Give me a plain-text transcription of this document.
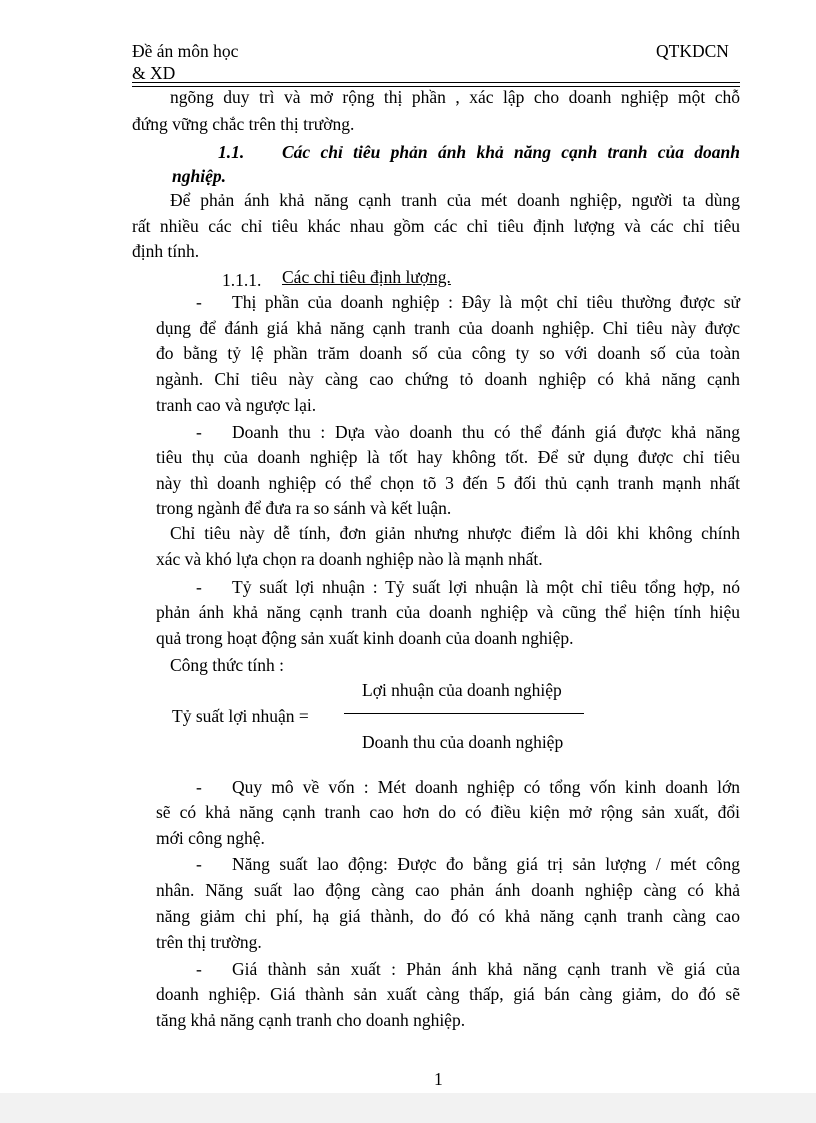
Đề án môn học
& XD
QTKDCN
ngõng duy trì và mở rộng thị phần , xác lập cho doanh nghiệp một chỗ
đứng vững chắc trên thị trường.
1.1. Các chỉ tiêu phản ánh khả năng cạnh tranh của doanh
nghiệp.
Để phản ánh khả năng cạnh tranh của mét doanh nghiệp, người ta dùng
rất nhiều các chỉ tiêu khác nhau gồm các chỉ tiêu định lượng và các chỉ tiêu
định tính.
1.1.1. Các chỉ tiêu định lượng.
- Thị phần của doanh nghiệp : Đây là một chỉ tiêu thường được sử
dụng để đánh giá khả năng cạnh tranh của doanh nghiệp. Chỉ tiêu này được
đo bằng tỷ lệ phần trăm doanh số của công ty so với doanh số của toàn
ngành. Chỉ tiêu này càng cao chứng tỏ doanh nghiệp có khả năng cạnh
tranh cao và ngược lại.
- Doanh thu : Dựa vào doanh thu có thể đánh giá được khả năng
tiêu thụ của doanh nghiệp là tốt hay không tốt. Để sử dụng được chỉ tiêu
này thì doanh nghiệp có thể chọn tõ 3 đến 5 đối thủ cạnh tranh mạnh nhất
trong ngành để đưa ra so sánh và kết luận.
Chỉ tiêu này dễ tính, đơn giản nhưng nhược điểm là dôi khi không chính
xác và khó lựa chọn ra doanh nghiệp nào là mạnh nhất.
- Tỷ suất lợi nhuận : Tỷ suất lợi nhuận là một chỉ tiêu tổng hợp, nó
phản ánh khả năng cạnh tranh của doanh nghiệp và cũng thể hiện tính hiệu
quả trong hoạt động sản xuất kinh doanh của doanh nghiệp.
Công thức tính :
Lợi nhuận của doanh nghiệp
Tỷ suất lợi nhuận =
Doanh thu của doanh nghiệp
- Quy mô về vốn : Mét doanh nghiệp có tổng vốn kinh doanh lớn
sẽ có khả năng cạnh tranh cao hơn do có điều kiện mở rộng sản xuất, đổi
mới công nghệ.
- Năng suất lao động: Được đo bằng giá trị sản lượng / mét công
nhân. Năng suất lao động càng cao phản ánh doanh nghiệp càng có khả
năng giảm chi phí, hạ giá thành, do đó có khả năng cạnh tranh càng cao
trên thị trường.
- Giá thành sản xuất : Phản ánh khả năng cạnh tranh về giá của
doanh nghiệp. Giá thành sản xuất càng thấp, giá bán càng giảm, do đó sẽ
tăng khả năng cạnh tranh cho doanh nghiệp.
1
